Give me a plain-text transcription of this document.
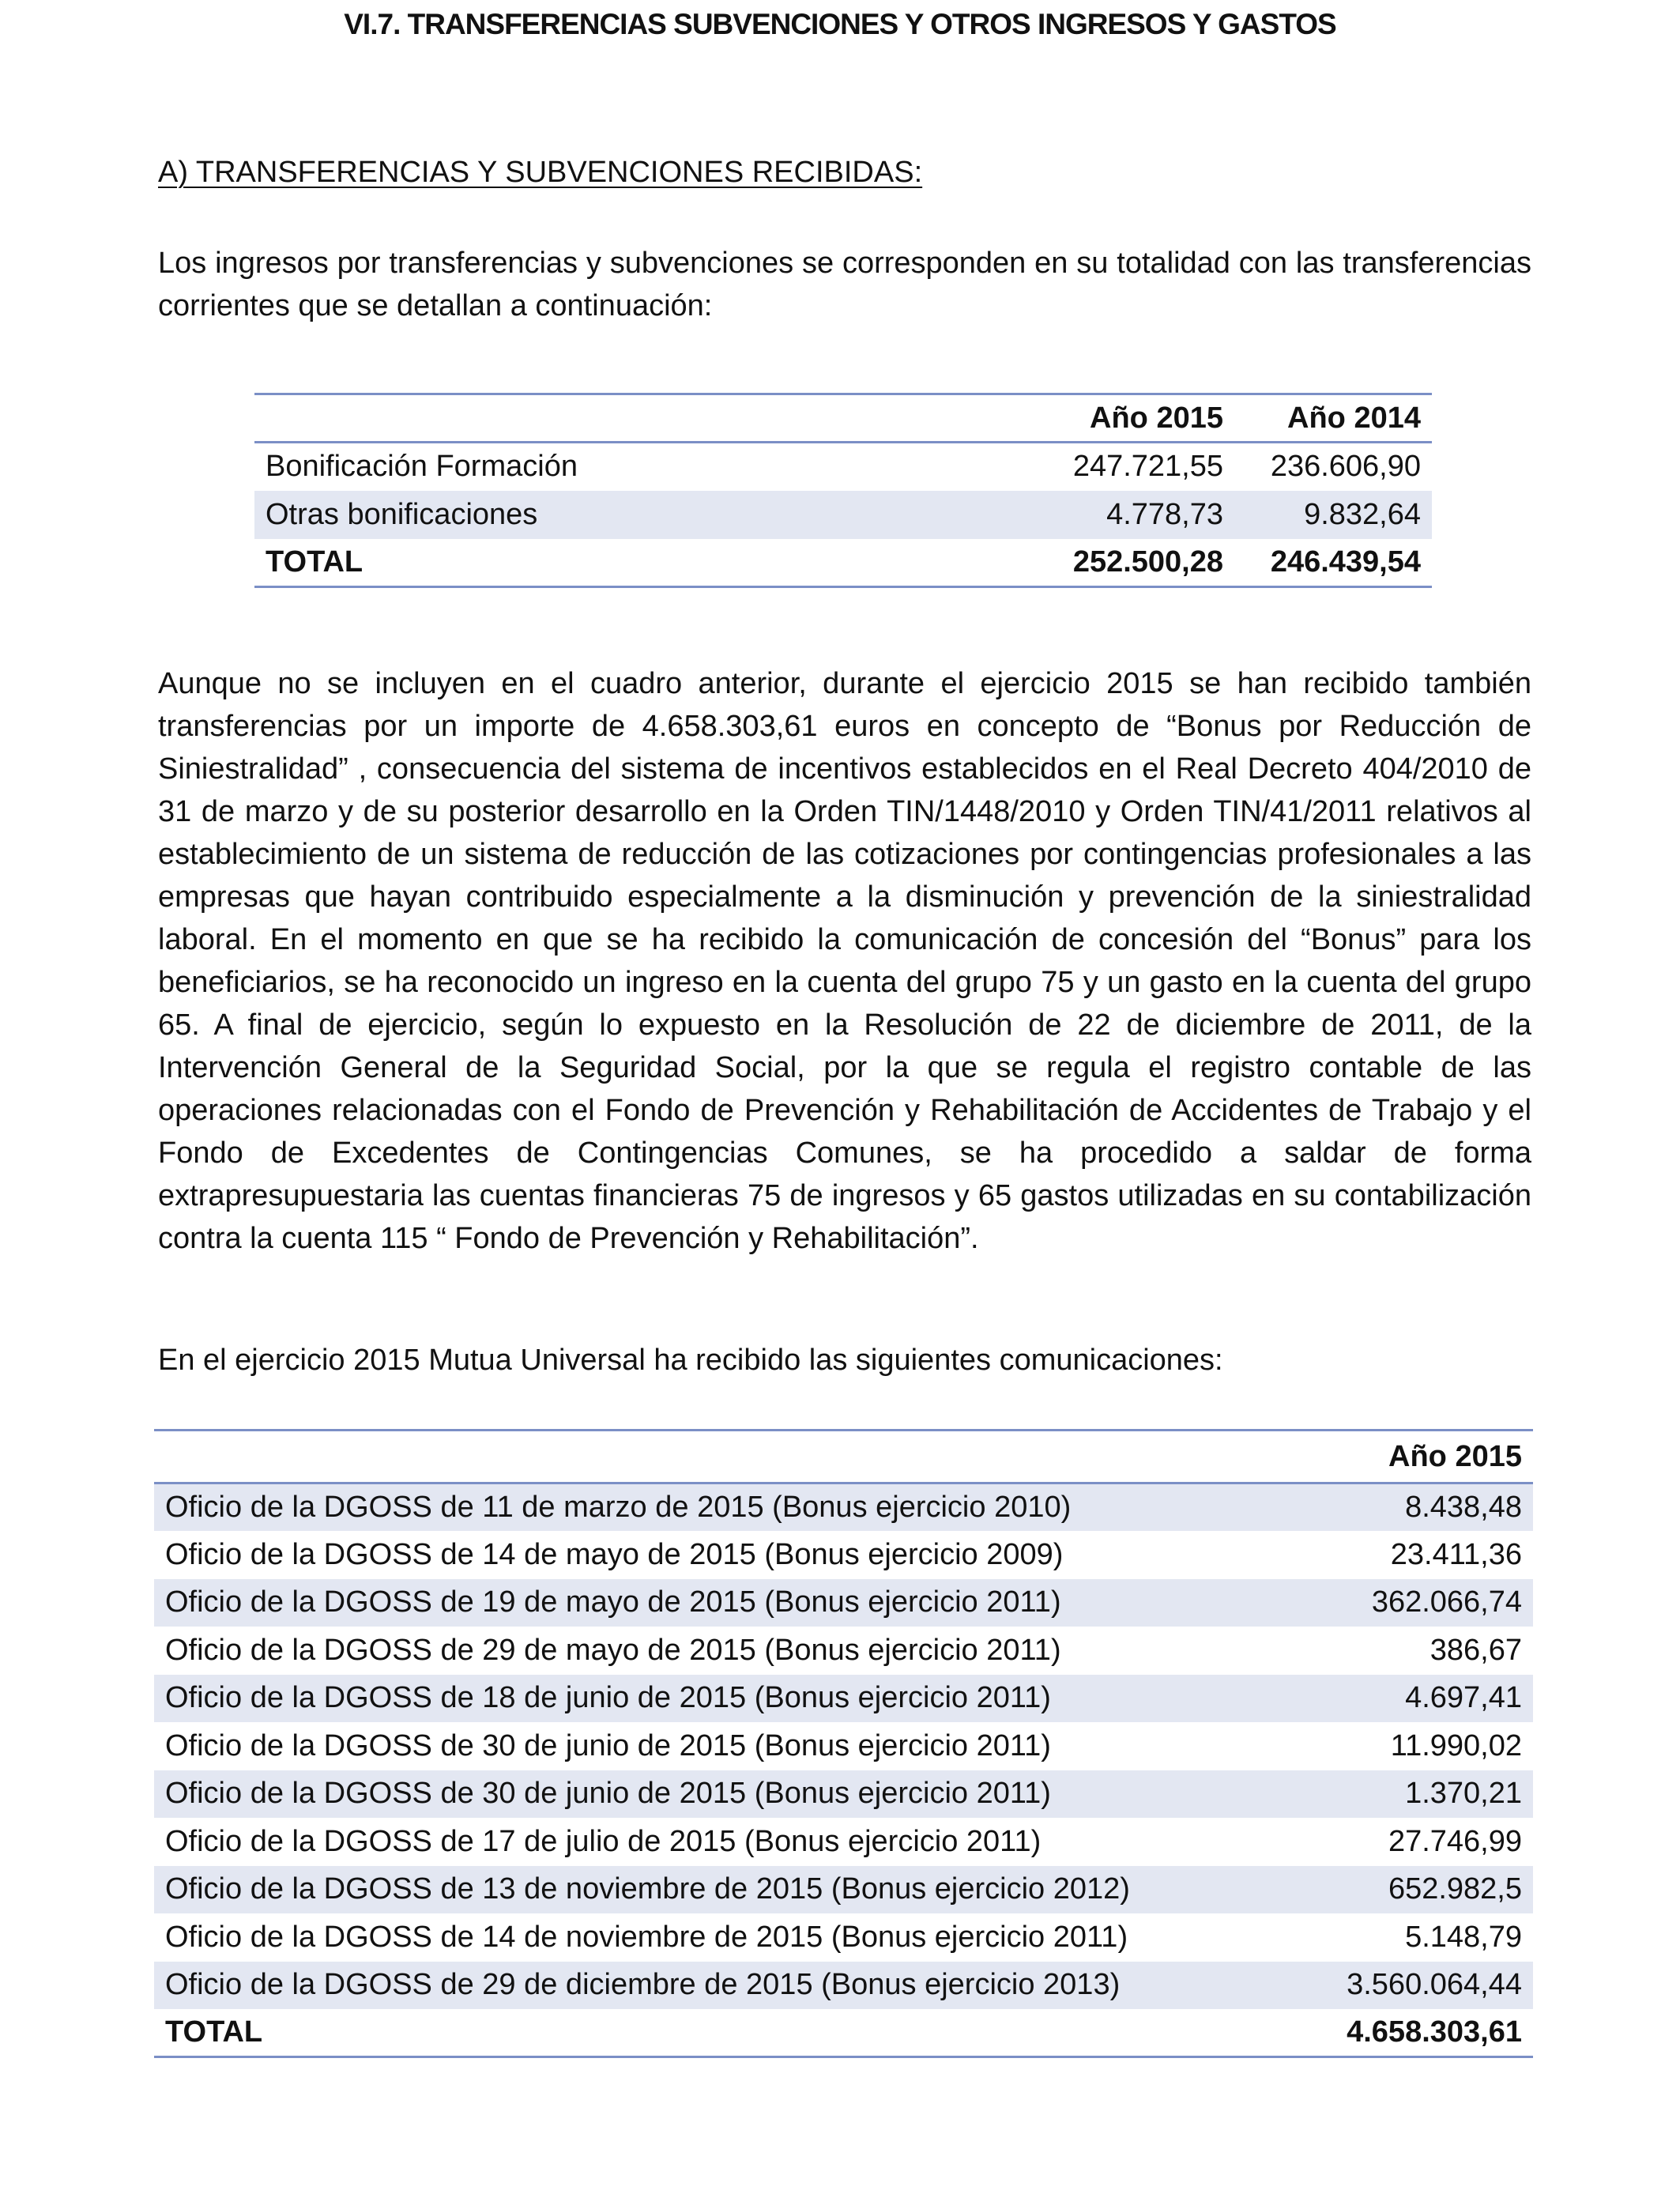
VI.7. TRANSFERENCIAS SUBVENCIONES Y OTROS INGRESOS Y GASTOS
A) TRANSFERENCIAS Y SUBVENCIONES RECIBIDAS:

Los ingresos por transferencias y subvenciones se corresponden en su totalidad con las transferencias corrientes que se detallan a continuación:

	Año 2015	Año 2014
Bonificación Formación	247.721,55	236.606,90
Otras bonificaciones	4.778,73	9.832,64
TOTAL	252.500,28	246.439,54

Aunque no se incluyen en el cuadro anterior, durante el ejercicio 2015 se han recibido también transferencias por un importe de 4.658.303,61 euros en concepto de “Bonus por Reducción de Siniestralidad” , consecuencia del sistema de incentivos establecidos en el Real Decreto 404/2010 de 31 de marzo y de su posterior desarrollo en la Orden TIN/1448/2010 y Orden TIN/41/2011 relativos al establecimiento de un sistema de reducción de las cotizaciones por contingencias profesionales a las empresas que hayan contribuido especialmente a la disminución y prevención de la siniestralidad laboral. En el momento en que se ha recibido la comunicación de concesión del “Bonus” para los beneficiarios, se ha reconocido un ingreso en la cuenta del grupo 75 y un gasto en la cuenta del grupo 65. A final de ejercicio, según lo expuesto en la Resolución de 22 de diciembre de 2011, de la Intervención General de la Seguridad Social, por la que se regula el registro contable de las operaciones relacionadas con el Fondo de Prevención y Rehabilitación de Accidentes de Trabajo y el Fondo de Excedentes de Contingencias Comunes, se ha procedido a saldar de forma extrapresupuestaria las cuentas financieras 75 de ingresos y 65 gastos utilizadas en su contabilización contra la cuenta 115 “ Fondo de Prevención y Rehabilitación”.

En el ejercicio 2015 Mutua Universal ha recibido las siguientes comunicaciones:

	Año 2015
Oficio de la DGOSS de 11 de marzo de 2015 (Bonus ejercicio 2010)	8.438,48
Oficio de la DGOSS de 14 de mayo de 2015 (Bonus ejercicio 2009)	23.411,36
Oficio de la DGOSS de 19 de mayo de 2015 (Bonus ejercicio 2011)	362.066,74
Oficio de la DGOSS de 29 de mayo de 2015 (Bonus ejercicio 2011)	386,67
Oficio de la DGOSS de 18 de junio de 2015 (Bonus ejercicio 2011)	4.697,41
Oficio de la DGOSS de 30 de junio de 2015 (Bonus ejercicio 2011)	11.990,02
Oficio de la DGOSS de 30 de junio de 2015 (Bonus ejercicio 2011)	1.370,21
Oficio de la DGOSS de 17 de julio de 2015 (Bonus ejercicio 2011)	27.746,99
Oficio de la DGOSS de 13 de noviembre de 2015 (Bonus ejercicio 2012)	652.982,5
Oficio de la DGOSS de 14 de noviembre de 2015 (Bonus ejercicio 2011)	5.148,79
Oficio de la DGOSS de 29 de diciembre de 2015 (Bonus ejercicio 2013)	3.560.064,44
TOTAL	4.658.303,61
